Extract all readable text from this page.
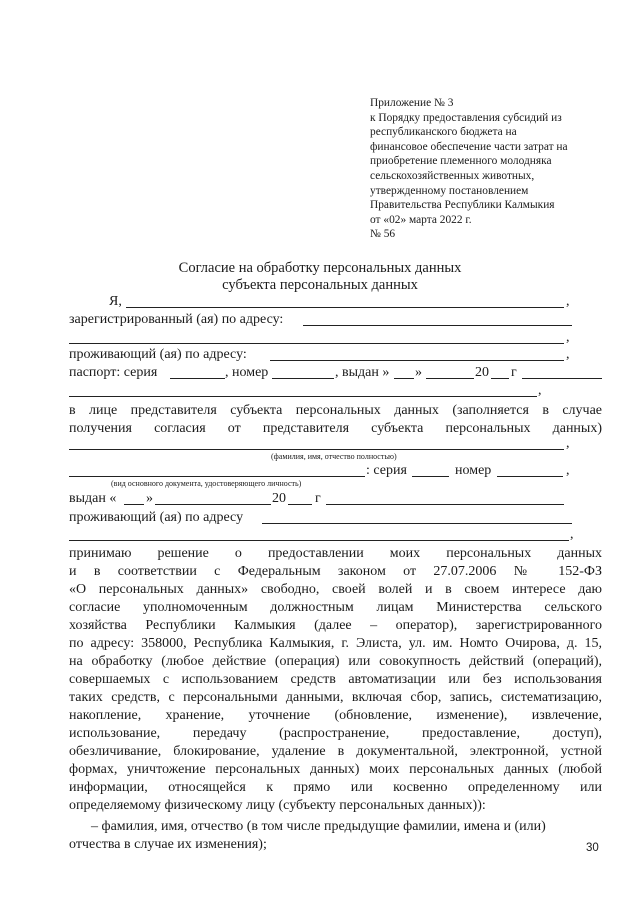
Приложение № 3
к Порядку предоставления субсидий из
республиканского бюджета на
финансовое обеспечение части затрат на
приобретение племенного молодняка
сельскохозяйственных животных,
утвержденному постановлением
Правительства Республики Калмыкия
от «02» марта 2022 г.
№ 56
Согласие на обработку персональных данных
субъекта персональных данных
Я,	,
зарегистрированный (ая) по адресу:
,
проживающий (ая) по адресу:	,
паспорт: серия	, номер	, выдан » »	20 г
,
в лице представителя субъекта персональных данных (заполняется в случае
получения согласия от представителя субъекта персональных данных)
,
(фамилия, имя, отчество полностью)
: серия	номер	,
(вид основного документа, удостоверяющего личность)
выдан « »	20 г
проживающий (ая) по адресу
,
принимаю решение о предоставлении моих персональных данных
и в соответствии с Федеральным законом от 27.07.2006 № 152-ФЗ
«О персональных данных» свободно, своей волей и в своем интересе даю
согласие уполномоченным должностным лицам Министерства сельского
хозяйства Республики Калмыкия (далее – оператор), зарегистрированного
по адресу: 358000, Республика Калмыкия, г. Элиста, ул. им. Номто Очирова, д. 15,
на обработку (любое действие (операция) или совокупность действий (операций),
совершаемых с использованием средств автоматизации или без использования
таких средств, с персональными данными, включая сбор, запись, систематизацию,
накопление, хранение, уточнение (обновление, изменение), извлечение,
использование, передачу (распространение, предоставление, доступ),
обезличивание, блокирование, удаление в документальной, электронной, устной
формах, уничтожение персональных данных) моих персональных данных (любой
информации, относящейся к прямо или косвенно определенному или
определяемому физическому лицу (субъекту персональных данных)):
– фамилия, имя, отчество (в том числе предыдущие фамилии, имена и (или)
отчества в случае их изменения);	30
